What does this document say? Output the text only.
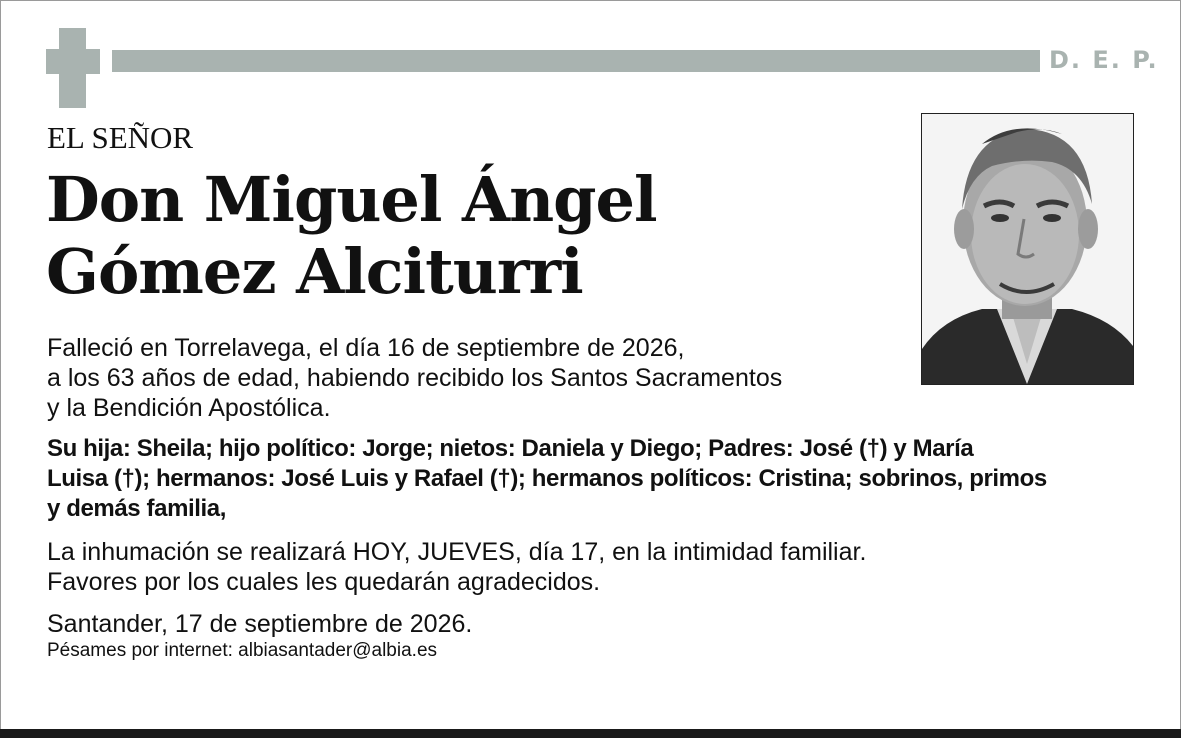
D. E. P.
EL SEÑOR
Don Miguel Ángel
Gómez Alciturri
Falleció en Torrelavega, el día 16 de septiembre de 2026,
a los 63 años de edad, habiendo recibido los Santos Sacramentos
y la Bendición Apostólica.
Su hija: Sheila; hijo político: Jorge; nietos: Daniela y Diego; Padres: José (†) y María
Luisa (†); hermanos: José Luis y Rafael (†); hermanos políticos: Cristina; sobrinos, primos
y demás familia,
La inhumación se realizará HOY, JUEVES, día 17, en la intimidad familiar.
Favores por los cuales les quedarán agradecidos.
Santander, 17 de septiembre de 2026.
Pésames por internet: albiasantader@albia.es
